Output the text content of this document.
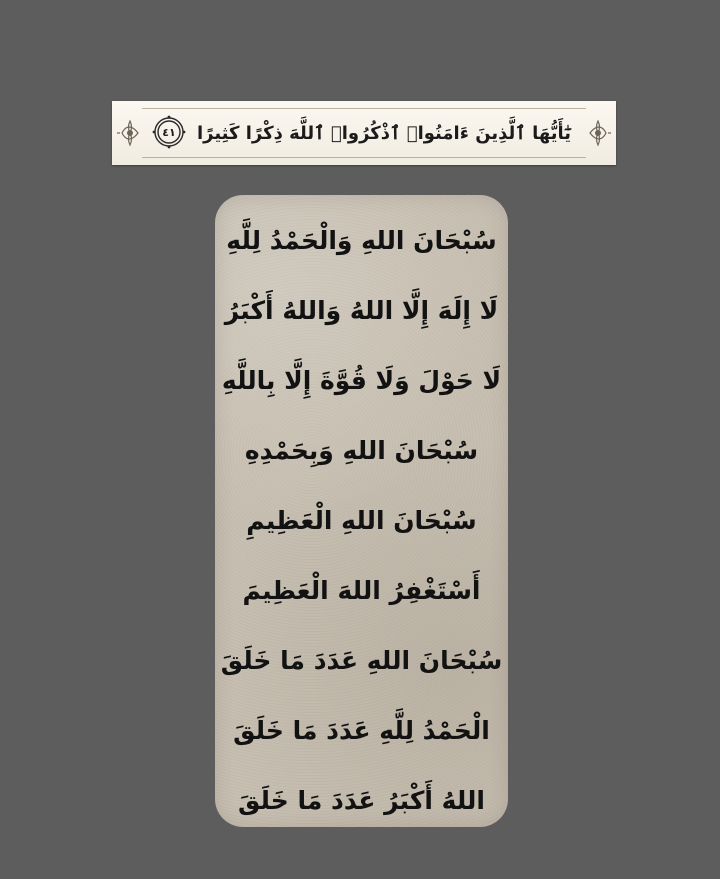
٤١	يَٰٓأَيُّهَا ٱلَّذِينَ ءَامَنُوا۟ ٱذْكُرُوا۟ ٱللَّهَ ذِكْرًا كَثِيرًا
سُبْحَانَ اللهِ وَالْحَمْدُ لِلَّهِ
لَا إِلَهَ إِلَّا اللهُ وَاللهُ أَكْبَرُ
لَا حَوْلَ وَلَا قُوَّةَ إِلَّا بِاللَّهِ
سُبْحَانَ اللهِ وَبِحَمْدِهِ
سُبْحَانَ اللهِ الْعَظِيمِ
أَسْتَغْفِرُ اللهَ الْعَظِيمَ
سُبْحَانَ اللهِ عَدَدَ مَا خَلَقَ
الْحَمْدُ لِلَّهِ عَدَدَ مَا خَلَقَ
اللهُ أَكْبَرُ عَدَدَ مَا خَلَقَ
